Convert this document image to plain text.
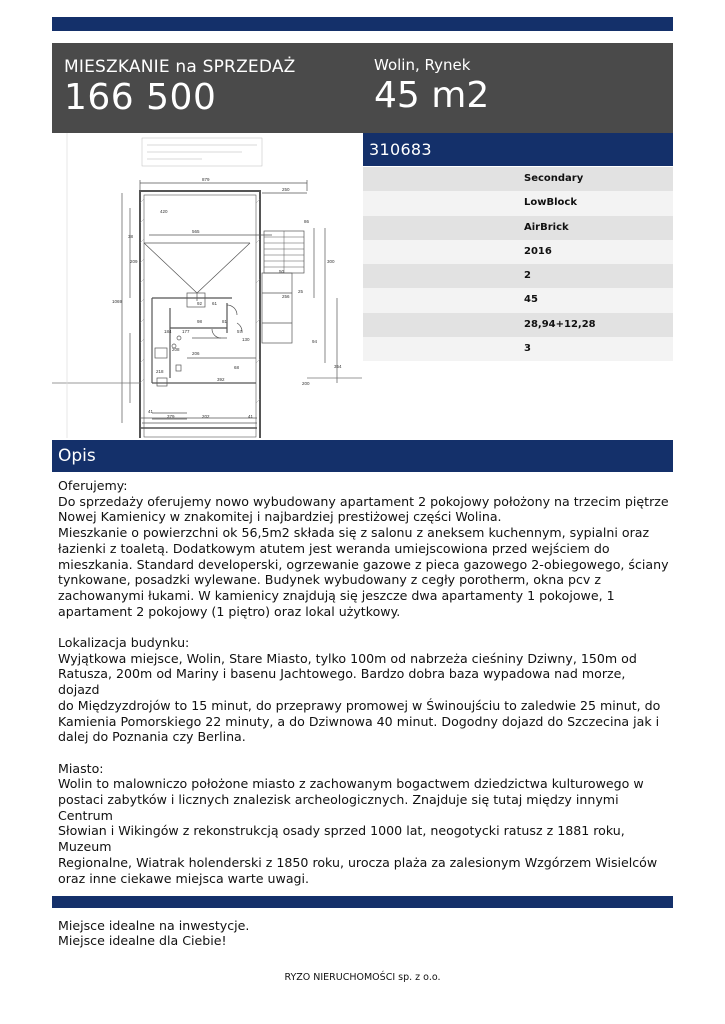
MIESZKANIE na SPRZEDAŻ
166 500
Wolin, Rynek
45 m2
879
250
565
420
256
1069	92 61
98	81
184 177	57
206
208
218
392
41
379	202	41
200
300
354
209
68
86
94
130
38
50
25
310683
Secondary
LowBlock
AirBrick
2016
2
45
28,94+12,28
3
Opis
Oferujemy:
Do sprzedaży oferujemy nowo wybudowany apartament 2 pokojowy położony na trzecim piętrze
Nowej Kamienicy w znakomitej i najbardziej prestiżowej części Wolina.
Mieszkanie o powierzchni ok 56,5m2 składa się z salonu z aneksem kuchennym, sypialni oraz
łazienki z toaletą. Dodatkowym atutem jest weranda umiejscowiona przed wejściem do
mieszkania. Standard developerski, ogrzewanie gazowe z pieca gazowego 2-obiegowego, ściany
tynkowane, posadzki wylewane. Budynek wybudowany z cegły porotherm, okna pcv z
zachowanymi łukami. W kamienicy znajdują się jeszcze dwa apartamenty 1 pokojowe, 1
apartament 2 pokojowy (1 piętro) oraz lokal użytkowy.
Lokalizacja budynku:
Wyjątkowa miejsce, Wolin, Stare Miasto, tylko 100m od nabrzeża cieśniny Dziwny, 150m od
Ratusza, 200m od Mariny i basenu Jachtowego. Bardzo dobra baza wypadowa nad morze, dojazd
do Międzyzdrojów to 15 minut, do przeprawy promowej w Świnoujściu to zaledwie 25 minut, do
Kamienia Pomorskiego 22 minuty, a do Dziwnowa 40 minut. Dogodny dojazd do Szczecina jak i
dalej do Poznania czy Berlina.
Miasto:
Wolin to malowniczo położone miasto z zachowanym bogactwem dziedzictwa kulturowego w
postaci zabytków i licznych znalezisk archeologicznych. Znajduje się tutaj między innymi Centrum
Słowian i Wikingów z rekonstrukcją osady sprzed 1000 lat, neogotycki ratusz z 1881 roku, Muzeum
Regionalne, Wiatrak holenderski z 1850 roku, urocza plaża za zalesionym Wzgórzem Wisielców
oraz inne ciekawe miejsca warte uwagi.
Miejsce idealne na inwestycje.
Miejsce idealne dla Ciebie!
RYZO NIERUCHOMOŚCI sp. z o.o.
